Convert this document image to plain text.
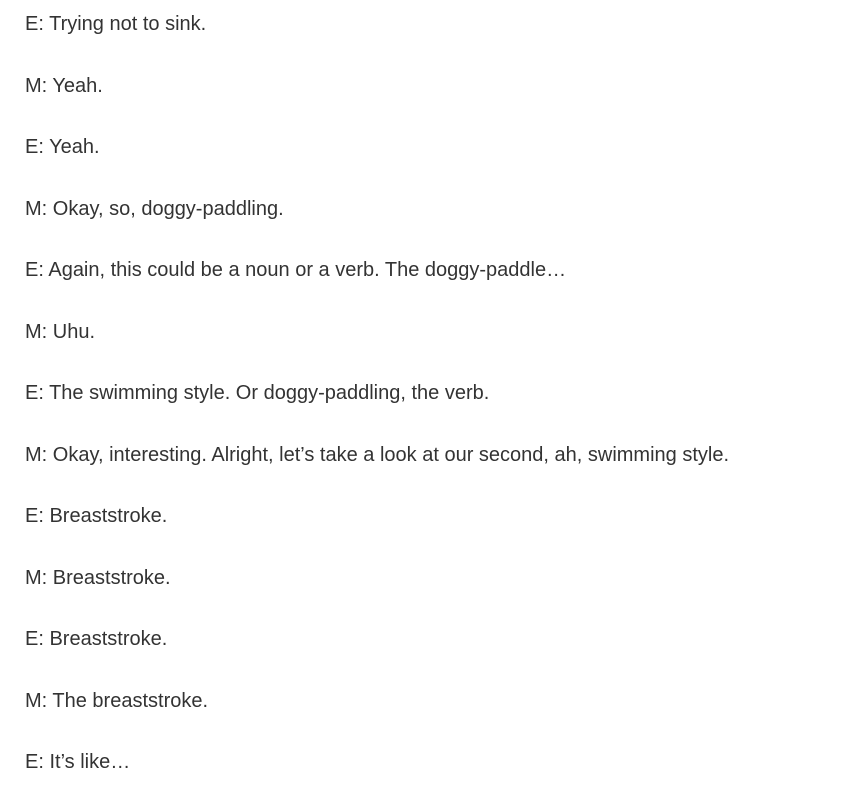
E: Trying not to sink.

M: Yeah.

E: Yeah.

M: Okay, so, doggy-paddling.

E: Again, this could be a noun or a verb. The doggy-paddle…

M: Uhu.

E: The swimming style. Or doggy-paddling, the verb.

M: Okay, interesting. Alright, let’s take a look at our second, ah, swimming style.

E: Breaststroke.

M: Breaststroke.

E: Breaststroke.

M: The breaststroke.

E: It’s like…
